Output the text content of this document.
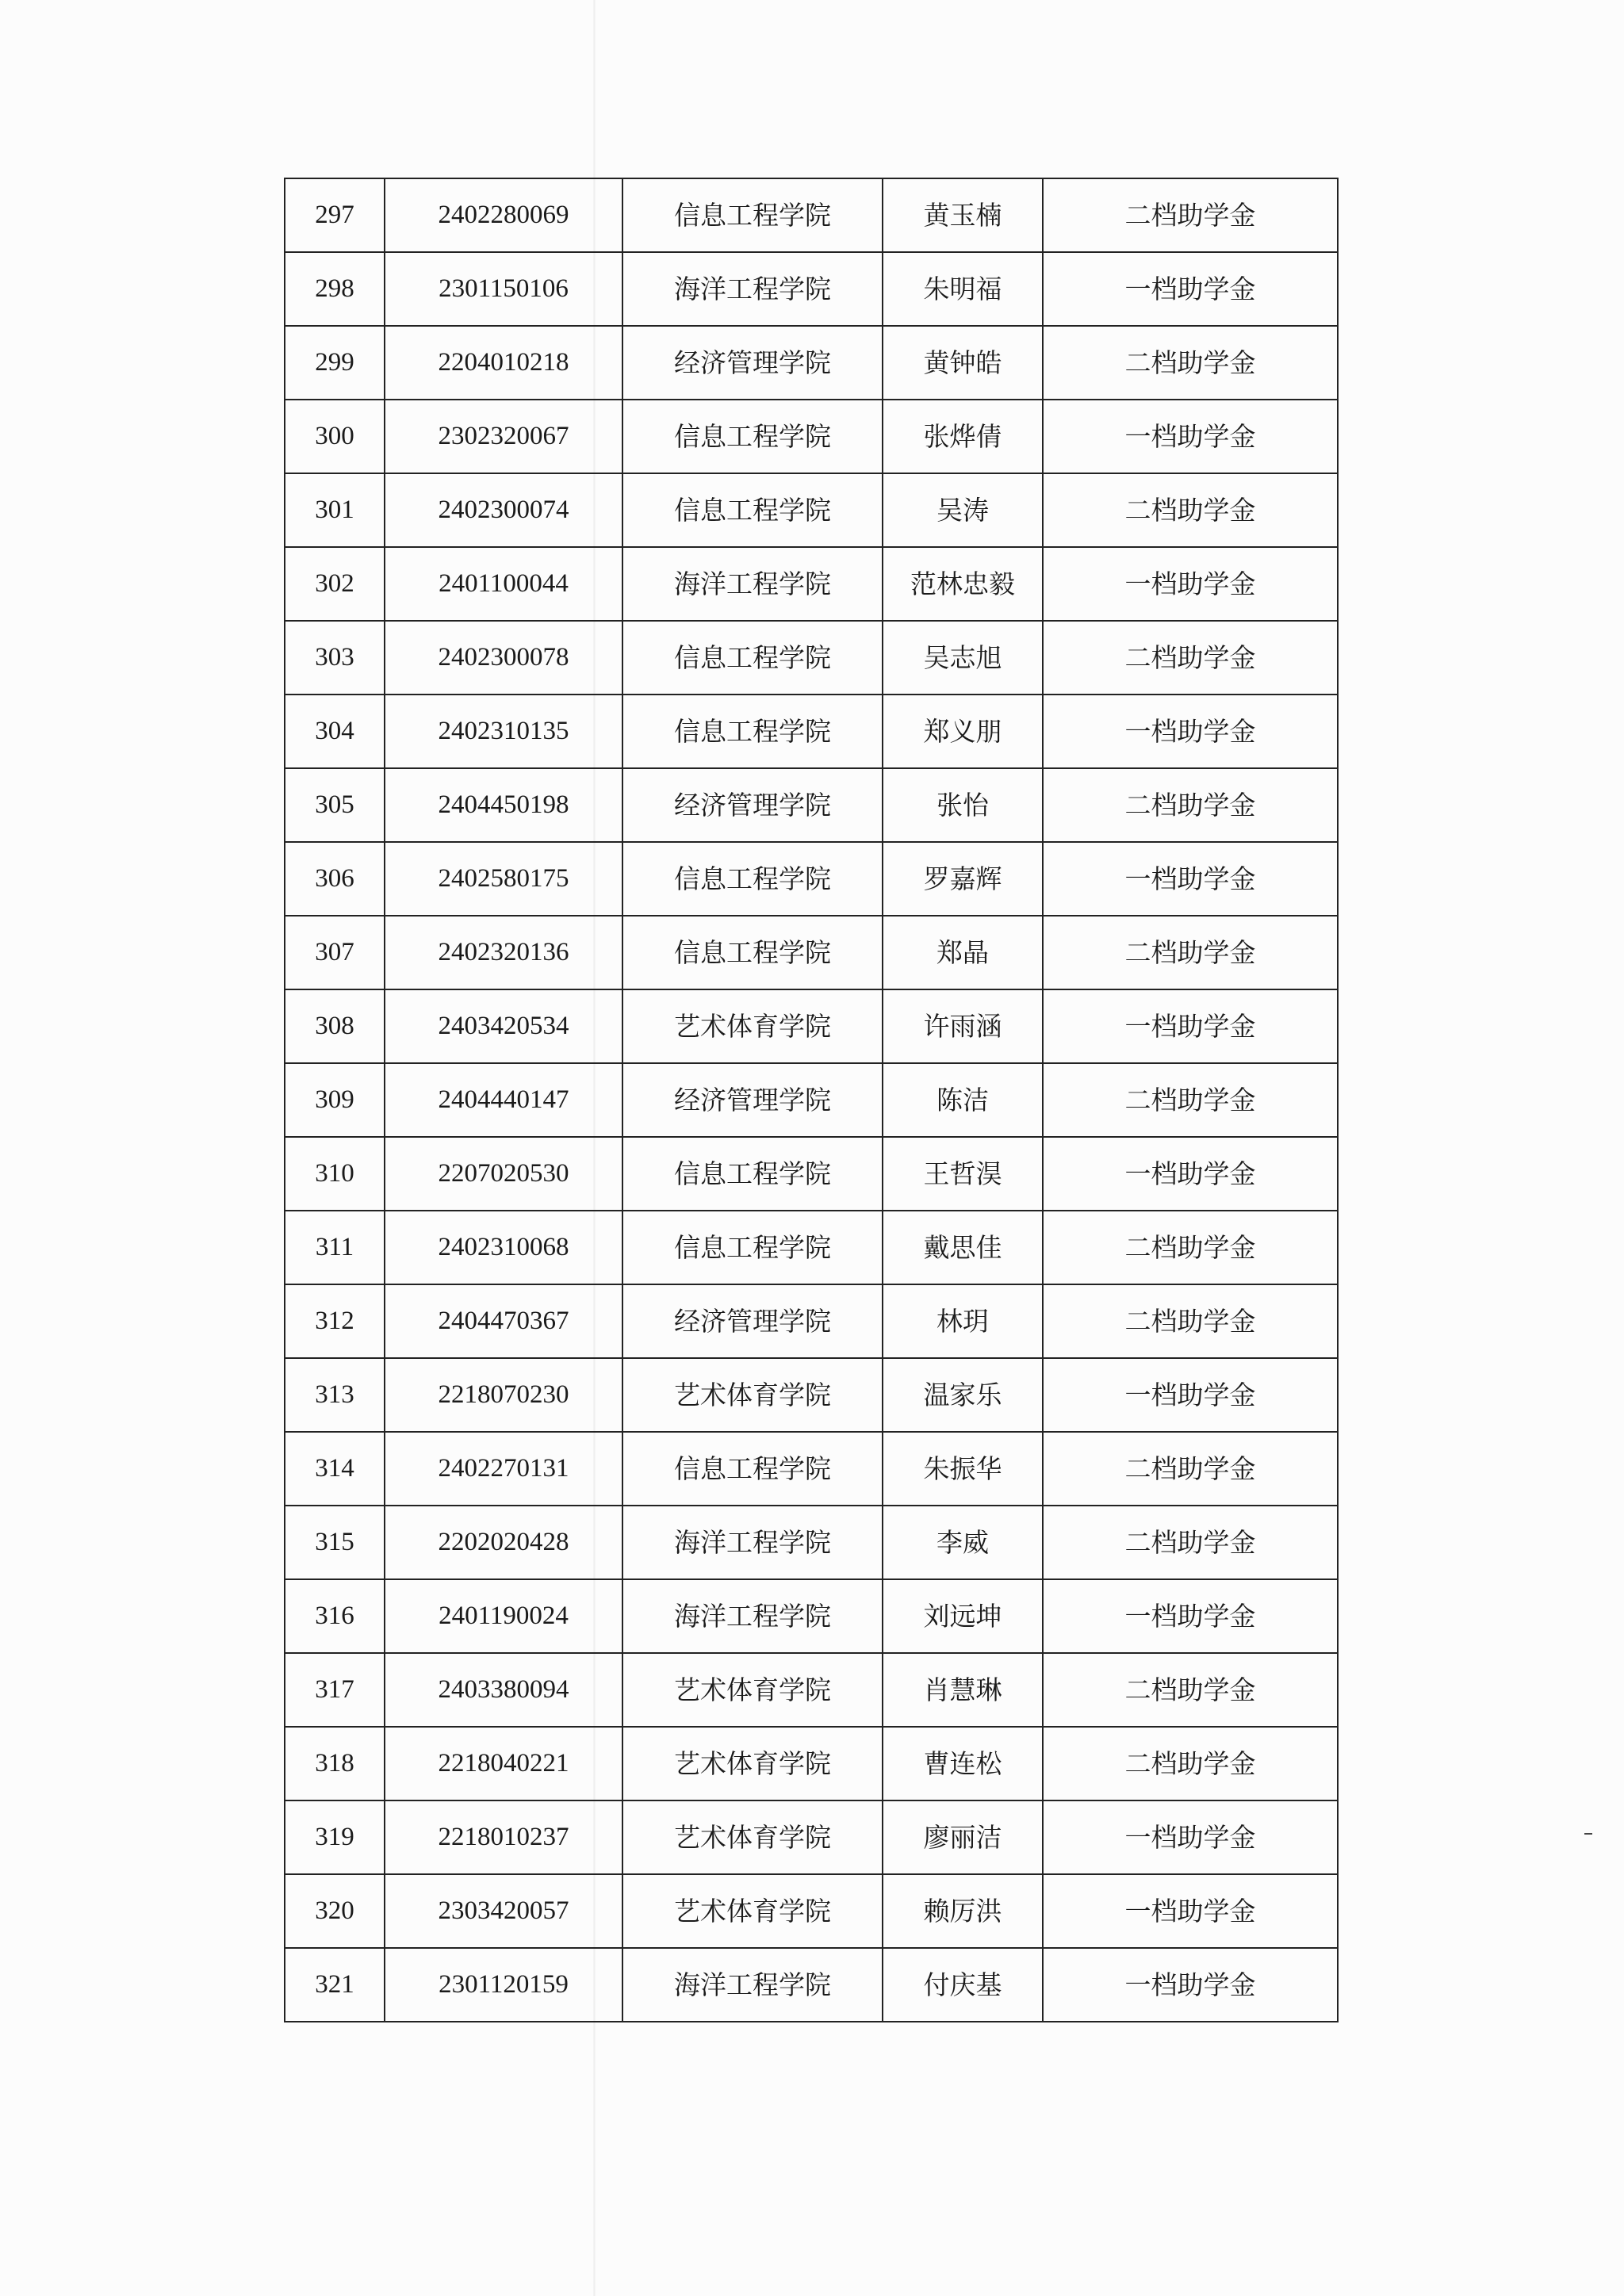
297	2402280069	信息工程学院	黄玉楠	二档助学金
298	2301150106	海洋工程学院	朱明福	一档助学金
299	2204010218	经济管理学院	黄钟皓	二档助学金
300	2302320067	信息工程学院	张烨倩	一档助学金
301	2402300074	信息工程学院	吴涛	二档助学金
302	2401100044	海洋工程学院	范林忠毅	一档助学金
303	2402300078	信息工程学院	吴志旭	二档助学金
304	2402310135	信息工程学院	郑义朋	一档助学金
305	2404450198	经济管理学院	张怡	二档助学金
306	2402580175	信息工程学院	罗嘉辉	一档助学金
307	2402320136	信息工程学院	郑晶	二档助学金
308	2403420534	艺术体育学院	许雨涵	一档助学金
309	2404440147	经济管理学院	陈洁	二档助学金
310	2207020530	信息工程学院	王哲淏	一档助学金
311	2402310068	信息工程学院	戴思佳	二档助学金
312	2404470367	经济管理学院	林玥	二档助学金
313	2218070230	艺术体育学院	温家乐	一档助学金
314	2402270131	信息工程学院	朱振华	二档助学金
315	2202020428	海洋工程学院	李威	二档助学金
316	2401190024	海洋工程学院	刘远坤	一档助学金
317	2403380094	艺术体育学院	肖慧琳	二档助学金
318	2218040221	艺术体育学院	曹连松	二档助学金
319	2218010237	艺术体育学院	廖丽洁	一档助学金
320	2303420057	艺术体育学院	赖厉洪	一档助学金
321	2301120159	海洋工程学院	付庆基	一档助学金
